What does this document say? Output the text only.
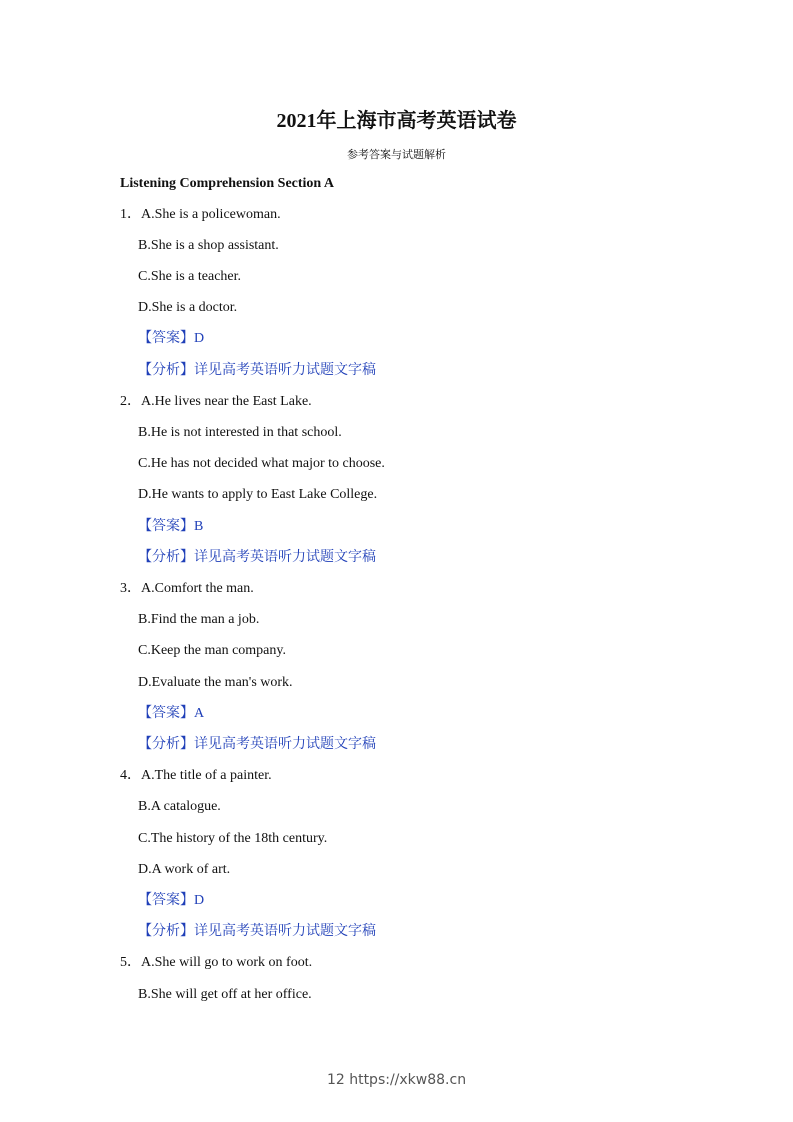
2021年上海市高考英语试卷
参考答案与试题解析
Listening Comprehension Section A
1．A.She is a policewoman.
B.She is a shop assistant.
C.She is a teacher.
D.She is a doctor.
【答案】D
【分析】详见高考英语听力试题文字稿
2．A.He lives near the East Lake.
B.He is not interested in that school.
C.He has not decided what major to choose.
D.He wants to apply to East Lake College.
【答案】B
【分析】详见高考英语听力试题文字稿
3．A.Comfort the man.
B.Find the man a job.
C.Keep the man company.
D.Evaluate the man's work.
【答案】A
【分析】详见高考英语听力试题文字稿
4．A.The title of a painter.
B.A catalogue.
C.The history of the 18th century.
D.A work of art.
【答案】D
【分析】详见高考英语听力试题文字稿
5．A.She will go to work on foot.
B.She will get off at her office.
12 https://xkw88.cn
